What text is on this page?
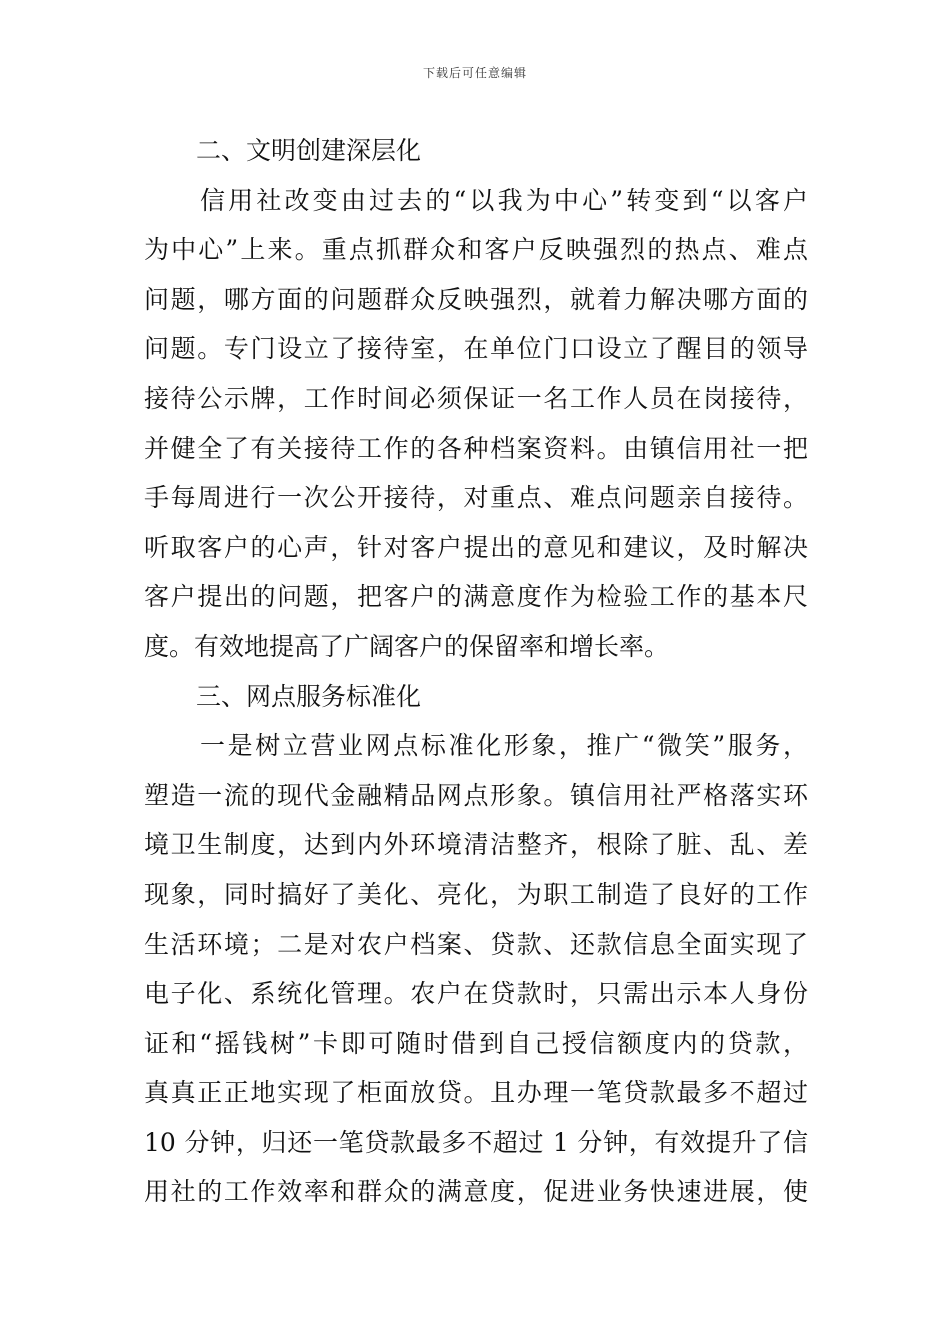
下载后可任意编辑
二、文明创建深层化
信用社改变由过去的“以我为中心”转变到“以客户
为中心”上来。重点抓群众和客户反映强烈的热点、难点
问题，哪方面的问题群众反映强烈，就着力解决哪方面的
问题。专门设立了接待室，在单位门口设立了醒目的领导
接待公示牌，工作时间必须保证一名工作人员在岗接待，
并健全了有关接待工作的各种档案资料。由镇信用社一把
手每周进行一次公开接待，对重点、难点问题亲自接待。
听取客户的心声，针对客户提出的意见和建议，及时解决
客户提出的问题，把客户的满意度作为检验工作的基本尺
度。有效地提高了广阔客户的保留率和增长率。
三、网点服务标准化
一是树立营业网点标准化形象，推广“微笑”服务，
塑造一流的现代金融精品网点形象。镇信用社严格落实环
境卫生制度，达到内外环境清洁整齐，根除了脏、乱、差
现象，同时搞好了美化、亮化，为职工制造了良好的工作
生活环境；二是对农户档案、贷款、还款信息全面实现了
电子化、系统化管理。农户在贷款时，只需出示本人身份
证和“摇钱树”卡即可随时借到自己授信额度内的贷款，
真真正正地实现了柜面放贷。且办理一笔贷款最多不超过
10 分钟，归还一笔贷款最多不超过 1 分钟，有效提升了信
用社的工作效率和群众的满意度，促进业务快速进展，使
